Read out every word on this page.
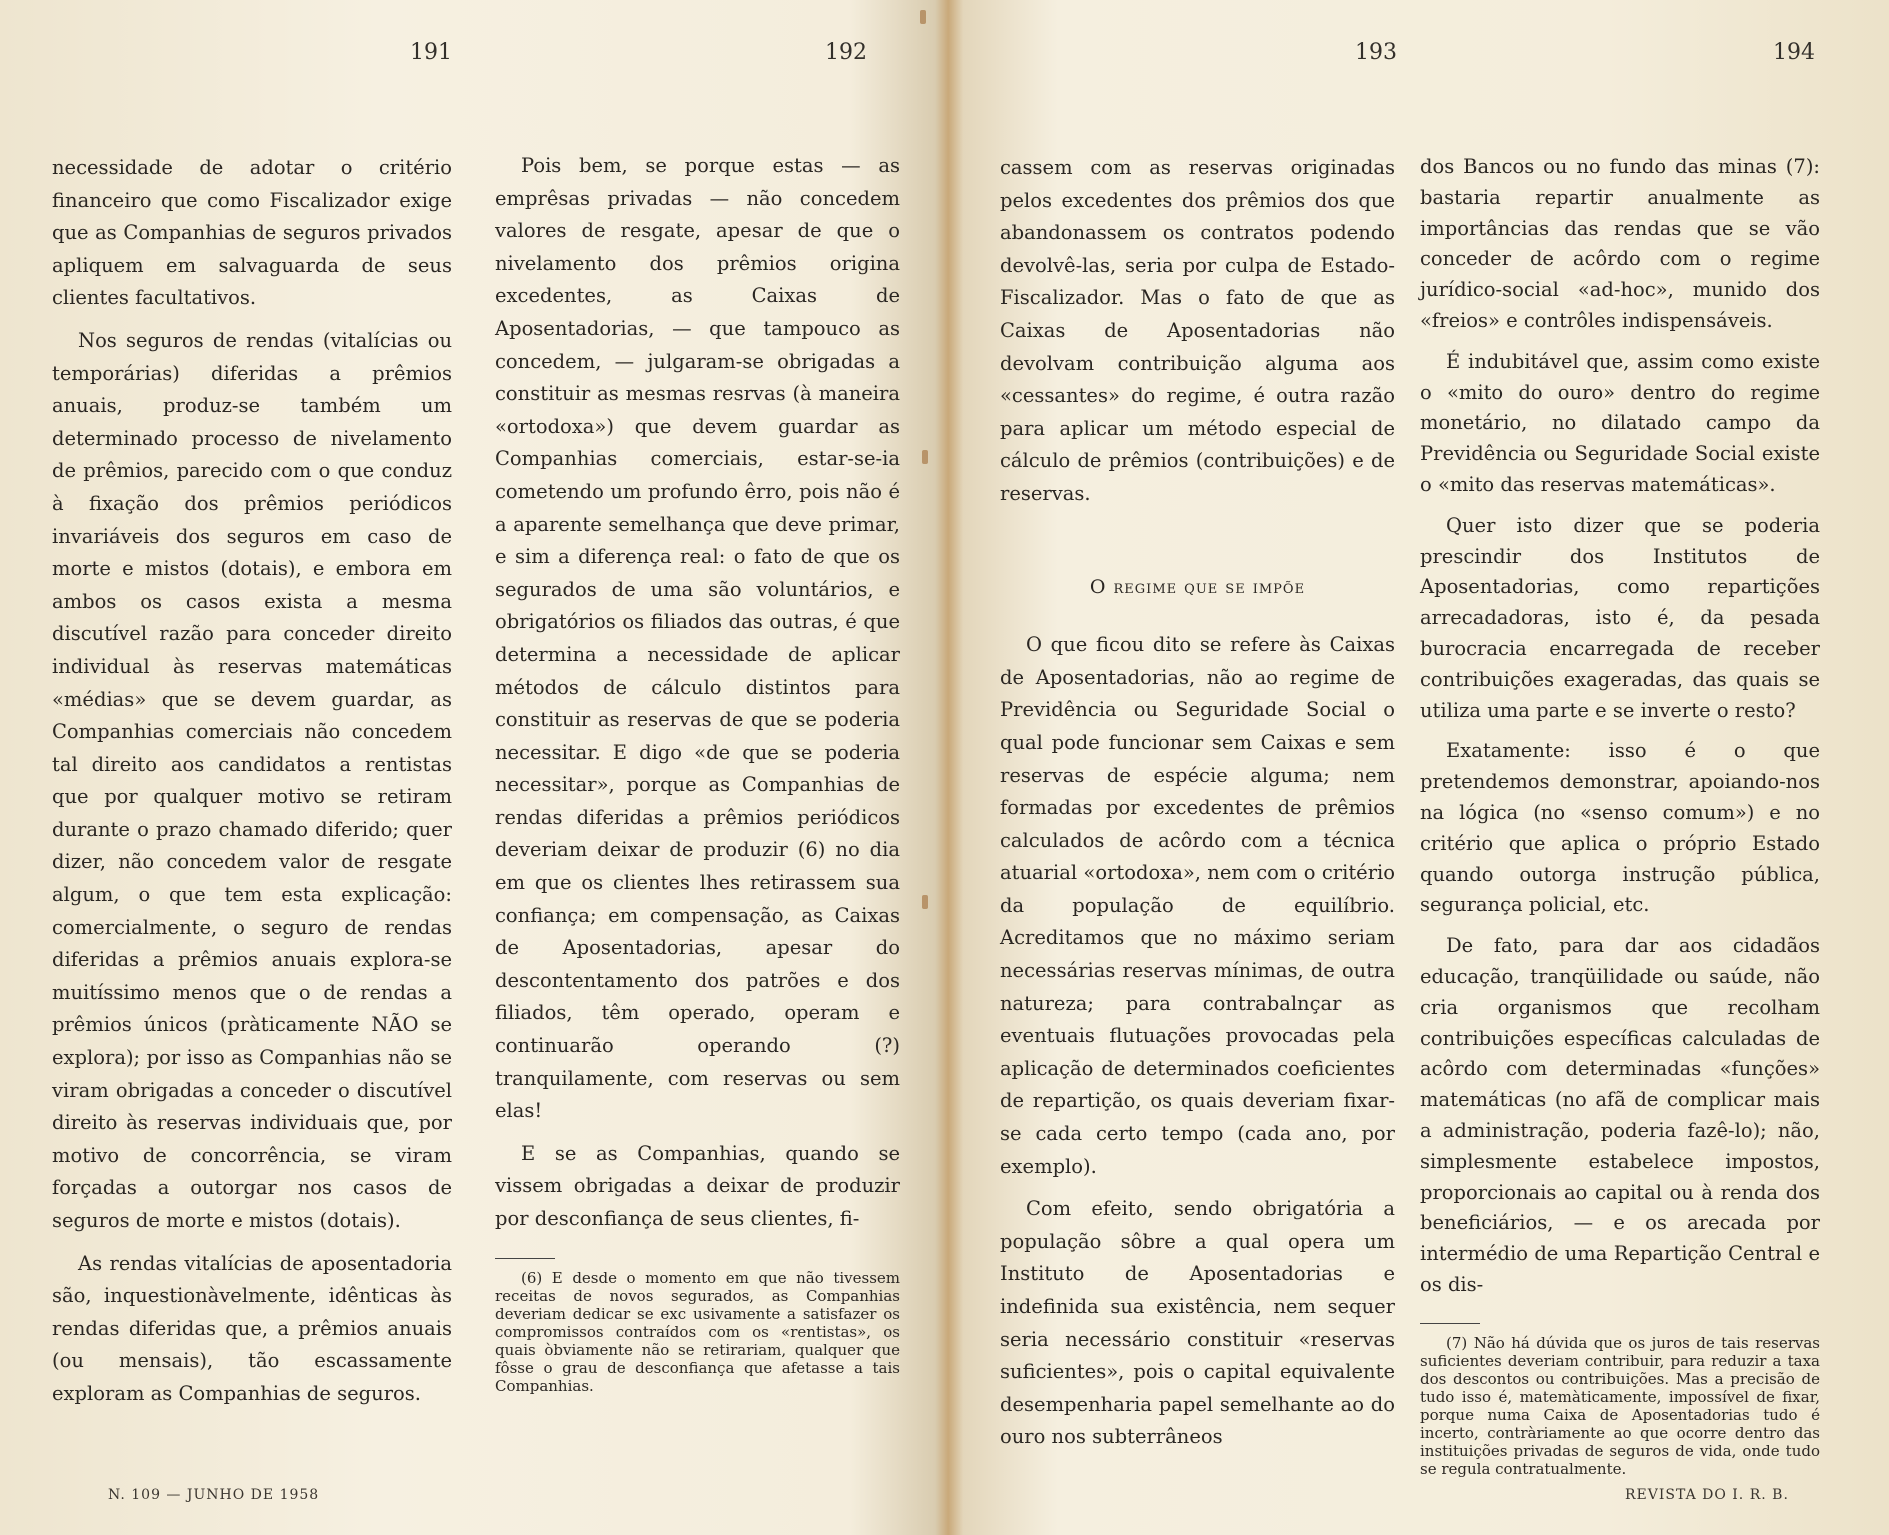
191	192

necessidade de adotar o critério financeiro que como Fiscalizador exige que as Companhias de seguros privados apliquem em salvaguarda de seus clientes facultativos.

Nos seguros de rendas (vitalícias ou temporárias) diferidas a prêmios anuais, produz-se também um determinado processo de nivelamento de prêmios, parecido com o que conduz à fixação dos prêmios periódicos invariáveis dos seguros em caso de morte e mistos (dotais), e embora em ambos os casos exista a mesma discutível razão para conceder direito individual às reservas matemáticas «médias» que se devem guardar, as Companhias comerciais não concedem tal direito aos candidatos a rentistas que por qualquer motivo se retiram durante o prazo chamado diferido; quer dizer, não concedem valor de resgate algum, o que tem esta explicação: comercialmente, o seguro de rendas diferidas a prêmios anuais explora-se muitíssimo menos que o de rendas a prêmios únicos (pràticamente NÃO se explora); por isso as Companhias não se viram obrigadas a conceder o discutível direito às reservas individuais que, por motivo de concorrência, se viram forçadas a outorgar nos casos de seguros de morte e mistos (dotais).

As rendas vitalícias de aposentadoria são, inquestionàvelmente, idênticas às rendas diferidas que, a prêmios anuais (ou mensais), tão escassamente exploram as Companhias de seguros.

Pois bem, se porque estas — as emprêsas privadas — não concedem valores de resgate, apesar de que o nivelamento dos prêmios origina excedentes, as Caixas de Aposentadorias, — que tampouco as concedem, — julgaram-se obrigadas a constituir as mesmas resrvas (à maneira «ortodoxa») que devem guardar as Companhias comerciais, estar-se-ia cometendo um profundo êrro, pois não é a aparente semelhança que deve primar, e sim a diferença real: o fato de que os segurados de uma são voluntários, e obrigatórios os filiados das outras, é que determina a necessidade de aplicar métodos de cálculo distintos para constituir as reservas de que se poderia necessitar. E digo «de que se poderia necessitar», porque as Companhias de rendas diferidas a prêmios periódicos deveriam deixar de produzir (6) no dia em que os clientes lhes retirassem sua confiança; em compensação, as Caixas de Aposentadorias, apesar do descontentamento dos patrões e dos filiados, têm operado, operam e continuarão operando (?) tranquilamente, com reservas ou sem elas!

E se as Companhias, quando se vissem obrigadas a deixar de produzir por desconfiança de seus clientes, fi-

(6) E desde o momento em que não tivessem receitas de novos segurados, as Companhias deveriam dedicar se exc usivamente a satisfazer os compromissos contraídos com os «rentistas», os quais òbviamente não se retirariam, qualquer que fôsse o grau de desconfiança que afetasse a tais Companhias.
N. 109 — JUNHO DE 1958
193	194

cassem com as reservas originadas pelos excedentes dos prêmios dos que abandonassem os contratos podendo devolvê-las, seria por culpa de Estado-Fiscalizador. Mas o fato de que as Caixas de Aposentadorias não devolvam contribuição alguma aos «cessantes» do regime, é outra razão para aplicar um método especial de cálculo de prêmios (contribuições) e de reservas.

O regime que se impõe

O que ficou dito se refere às Caixas de Aposentadorias, não ao regime de Previdência ou Seguridade Social o qual pode funcionar sem Caixas e sem reservas de espécie alguma; nem formadas por excedentes de prêmios calculados de acôrdo com a técnica atuarial «ortodoxa», nem com o critério da população de equilíbrio. Acreditamos que no máximo seriam necessárias reservas mínimas, de outra natureza; para contrabalnçar as eventuais flutuações provocadas pela aplicação de determinados coeficientes de repartição, os quais deveriam fixar-se cada certo tempo (cada ano, por exemplo).

Com efeito, sendo obrigatória a população sôbre a qual opera um Instituto de Aposentadorias e indefinida sua existência, nem sequer seria necessário constituir «reservas suficientes», pois o capital equivalente desempenharia papel semelhante ao do ouro nos subterrâneos

dos Bancos ou no fundo das minas (7): bastaria repartir anualmente as importâncias das rendas que se vão conceder de acôrdo com o regime jurídico-social «ad-hoc», munido dos «freios» e contrôles indispensáveis.

É indubitável que, assim como existe o «mito do ouro» dentro do regime monetário, no dilatado campo da Previdência ou Seguridade Social existe o «mito das reservas matemáticas».

Quer isto dizer que se poderia prescindir dos Institutos de Aposentadorias, como repartições arrecadadoras, isto é, da pesada burocracia encarregada de receber contribuições exageradas, das quais se utiliza uma parte e se inverte o resto?

Exatamente: isso é o que pretendemos demonstrar, apoiando-nos na lógica (no «senso comum») e no critério que aplica o próprio Estado quando outorga instrução pública, segurança policial, etc.

De fato, para dar aos cidadãos educação, tranqüilidade ou saúde, não cria organismos que recolham contribuições específicas calculadas de acôrdo com determinadas «funções» matemáticas (no afã de complicar mais a administração, poderia fazê-lo); não, simplesmente estabelece impostos, proporcionais ao capital ou à renda dos beneficiários, — e os arecada por intermédio de uma Repartição Central e os dis-

(7) Não há dúvida que os juros de tais reservas suficientes deveriam contribuir, para reduzir a taxa dos descontos ou contribuições. Mas a precisão de tudo isso é, matemàticamente, impossível de fixar, porque numa Caixa de Aposentadorias tudo é incerto, contràriamente ao que ocorre dentro das instituições privadas de seguros de vida, onde tudo se regula contratualmente.
REVISTA DO I. R. B.
